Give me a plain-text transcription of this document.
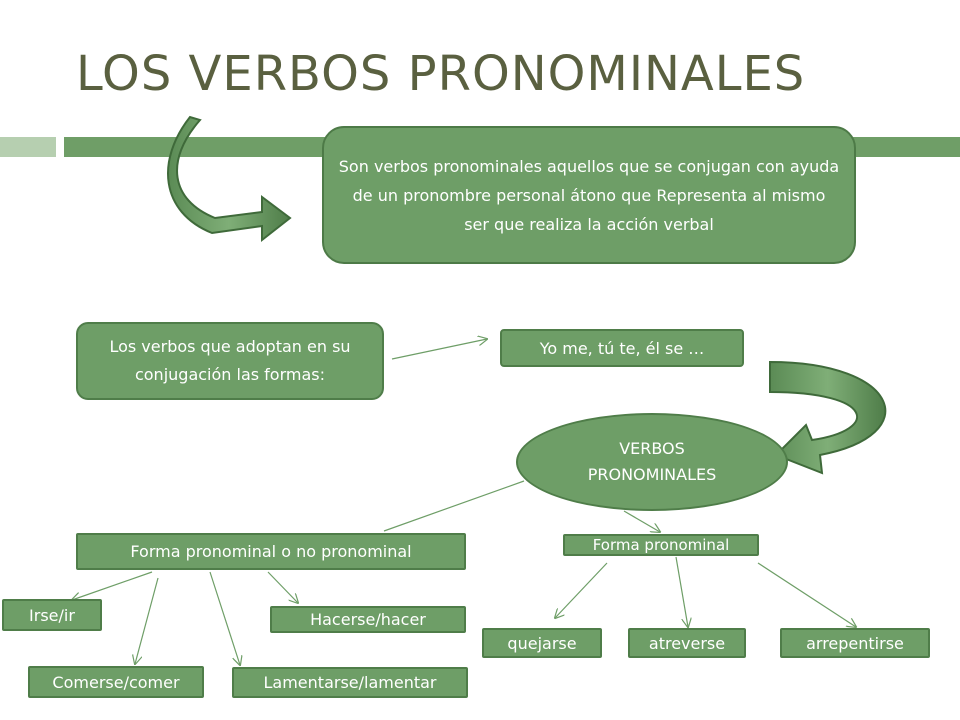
LOS VERBOS PRONOMINALES
Son verbos pronominales aquellos que se conjugan con ayuda de un pronombre personal átono que Representa al mismo ser que realiza la acción verbal
Los verbos que adoptan en su conjugación las formas:
Yo me, tú te, él se …
VERBOS PRONOMINALES
Forma pronominal o no pronominal	Forma pronominal
Irse/ir	Hacerse/hacer
Comerse/comer	Lamentarse/lamentar
quejarse	atreverse	arrepentirse
